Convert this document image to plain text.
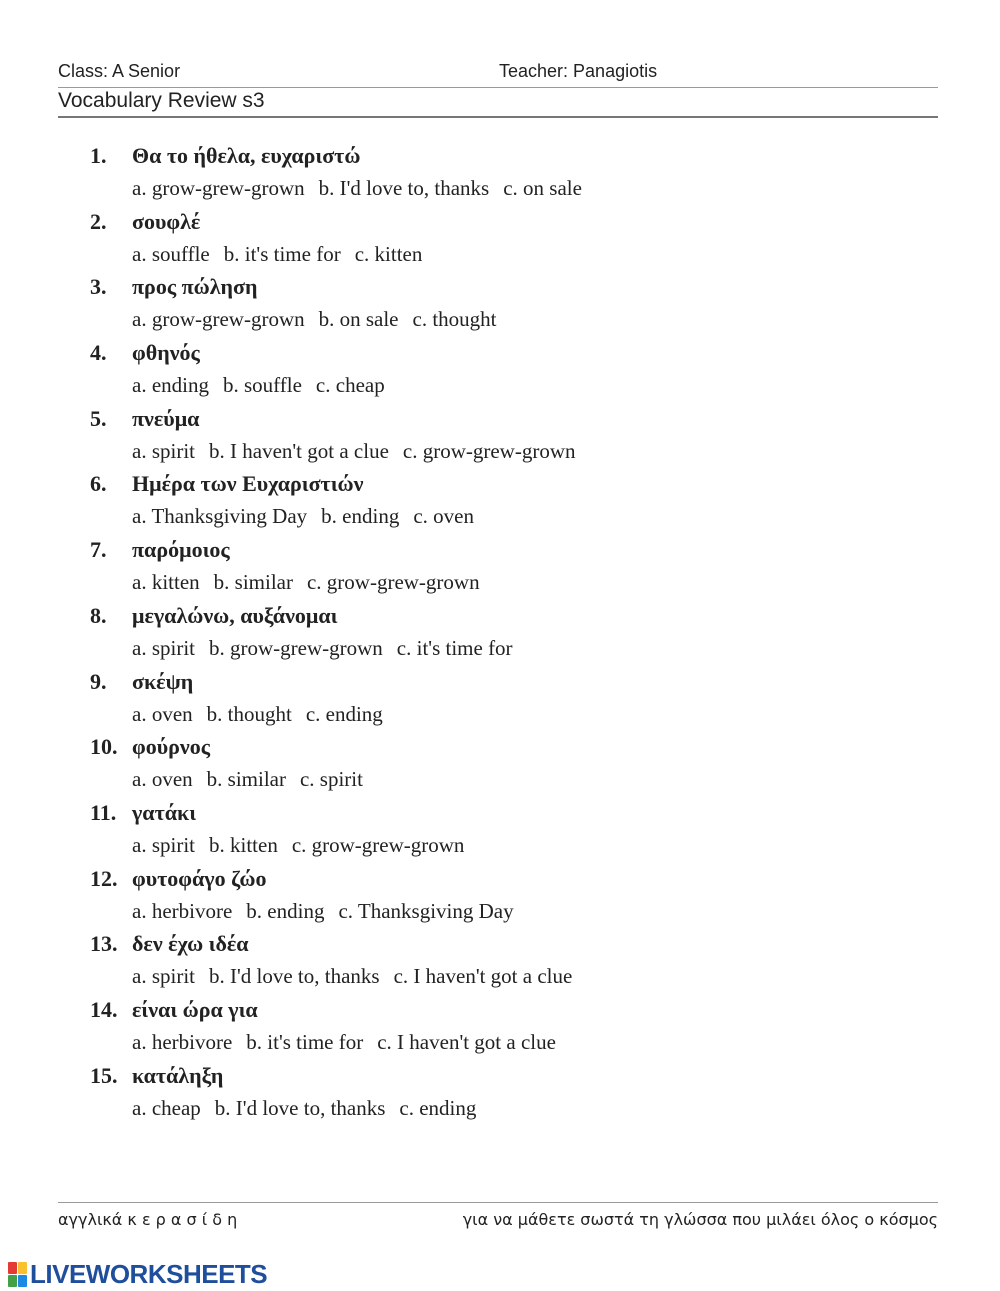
Class: A Senior	Teacher: Panagiotis
Vocabulary Review s3
1. Θα το ήθελα, ευχαριστώ
a. grow-grew-grown b. I'd love to, thanks c. on sale
2. σουφλέ
a. souffle b. it's time for c. kitten
3. προς πώληση
a. grow-grew-grown b. on sale c. thought
4. φθηνός
a. ending b. souffle c. cheap
5. πνεύμα
a. spirit b. I haven't got a clue c. grow-grew-grown
6. Ημέρα των Ευχαριστιών
a. Thanksgiving Day b. ending c. oven
7. παρόμοιος
a. kitten b. similar c. grow-grew-grown
8. μεγαλώνω, αυξάνομαι
a. spirit b. grow-grew-grown c. it's time for
9. σκέψη
a. oven b. thought c. ending
10. φούρνος
a. oven b. similar c. spirit
11. γατάκι
a. spirit b. kitten c. grow-grew-grown
12. φυτοφάγο ζώο
a. herbivore b. ending c. Thanksgiving Day
13. δεν έχω ιδέα
a. spirit b. I'd love to, thanks c. I haven't got a clue
14. είναι ώρα για
a. herbivore b. it's time for c. I haven't got a clue
15. κατάληξη
a. cheap b. I'd love to, thanks c. ending
αγγλικά κ ε ρ α σ ί δ η	για να μάθετε σωστά τη γλώσσα που μιλάει όλος ο κόσμος
LIVEWORKSHEETS
